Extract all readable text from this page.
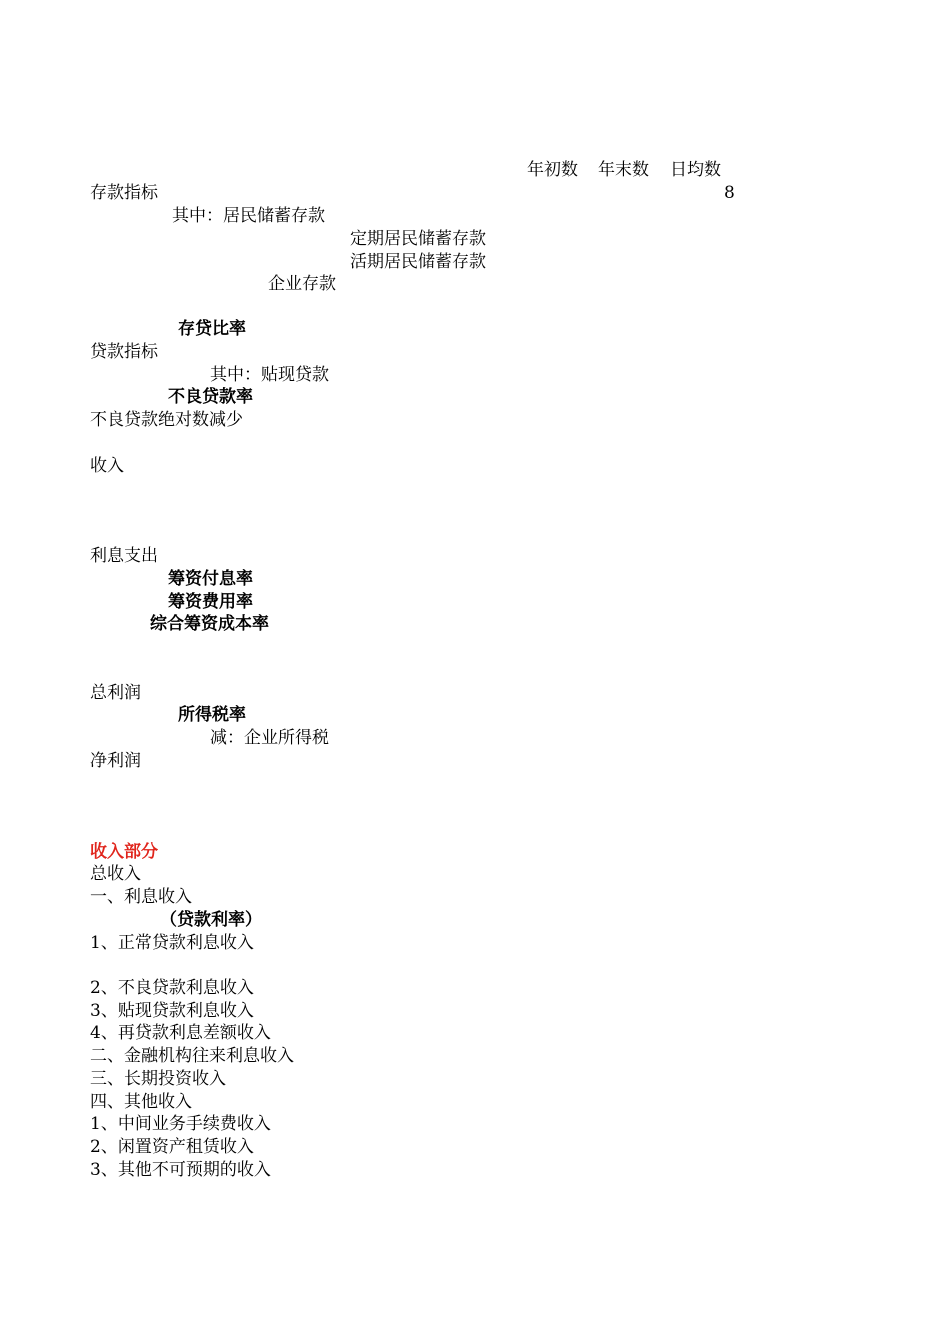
年初数 年末数 日均数
存款指标	8
其中：居民储蓄存款
定期居民储蓄存款
活期居民储蓄存款
企业存款
存贷比率
贷款指标
其中：贴现贷款
不良贷款率
不良贷款绝对数减少
收入
利息支出
筹资付息率
筹资费用率
综合筹资成本率
总利润
所得税率
减：企业所得税
净利润
收入部分
总收入
一、利息收入
（贷款利率）
1、正常贷款利息收入
2、不良贷款利息收入
3、贴现贷款利息收入
4、再贷款利息差额收入
二、金融机构往来利息收入
三、长期投资收入
四、其他收入
1、中间业务手续费收入
2、闲置资产租赁收入
3、其他不可预期的收入
